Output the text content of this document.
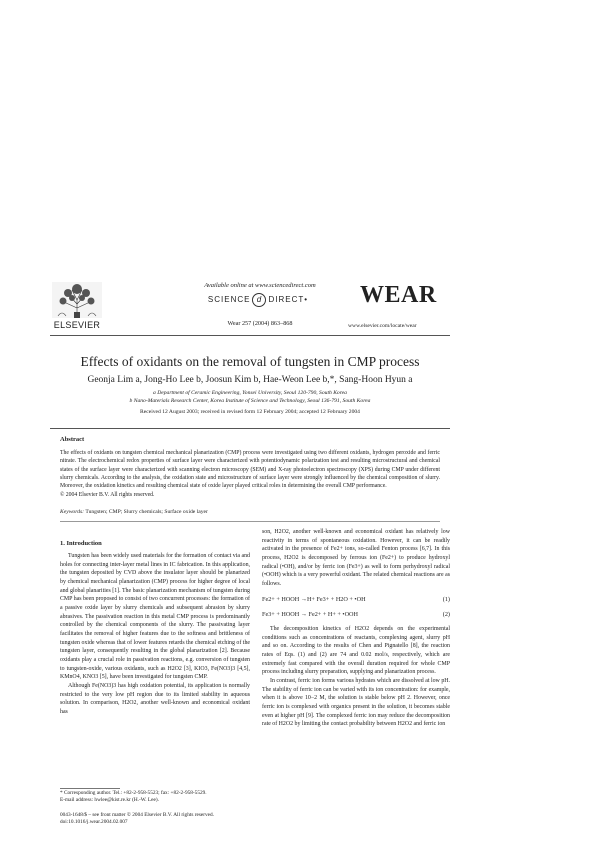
ELSEVIER
Available online at www.sciencedirect.com
SCIENCE d DIRECT•
Wear 257 (2004) 863–868
WEAR
www.elsevier.com/locate/wear
Effects of oxidants on the removal of tungsten in CMP process
Geonja Lim a, Jong-Ho Lee b, Joosun Kim b, Hae-Weon Lee b,*, Sang-Hoon Hyun a
a Department of Ceramic Engineering, Yonsei University, Seoul 120-790, South Korea
b Nano-Materials Research Center, Korea Institute of Science and Technology, Seoul 136-791, South Korea
Received 12 August 2003; received in revised form 12 February 2004; accepted 12 February 2004
Abstract
The effects of oxidants on tungsten chemical mechanical planarization (CMP) process were investigated using two different oxidants, hydrogen peroxide and ferric nitrate. The electrochemical redox properties of surface layer were characterized with potentiodynamic polarization test and resulting microstructural and chemical states of the surface layer were characterized with scanning electron microscopy (SEM) and X-ray photoelectron spectroscopy (XPS) during CMP under different slurry chemicals. According to the analysis, the oxidation state and microstructure of surface layer were strongly influenced by the chemical composition of slurry. Moreover, the oxidation kinetics and resulting chemical state of oxide layer played critical roles in determining the overall CMP performance.
© 2004 Elsevier B.V. All rights reserved.
Keywords: Tungsten; CMP; Slurry chemicals; Surface oxide layer
1. Introduction

Tungsten has been widely used materials for the formation of contact via and holes for connecting inter-layer metal lines in IC fabrication. In this application, the tungsten deposited by CVD above the insulator layer should be planarized by chemical mechanical planarization (CMP) process for higher degree of local and global planarities [1]. The basic planarization mechanism of tungsten during CMP has been proposed to consist of two concurrent processes: the formation of a passive oxide layer by slurry chemicals and subsequent abrasion by slurry abrasives. The passivation reaction in this metal CMP process is predominantly controlled by the chemical components of the slurry. The passivating layer facilitates the removal of higher features due to the softness and brittleness of tungsten oxide whereas that of lower features retards the chemical etching of the tungsten layer, consequently resulting in the global planarization [2]. Because oxidants play a crucial role in passivation reactions, e.g. conversion of tungsten to tungsten-oxide, various oxidants, such as H2O2 [3], KIO3, Fe(NO3)3 [4,5], KMnO4, KNO3 [5], have been investigated for tungsten CMP.

Although Fe(NO3)3 has high oxidation potential, its application is normally restricted to the very low pH region due to its limited stability in aqueous solution. In comparison, H2O2, another well-known and economical oxidant has

son, H2O2, another well-known and economical oxidant has relatively low reactivity in terms of spontaneous oxidation. However, it can be readily activated in the presence of Fe2+ ions, so-called Fenton process [6,7]. In this process, H2O2 is decomposed by ferrous ion (Fe2+) to produce hydroxyl radical (•OH), and/or by ferric ion (Fe3+) as well to form perhydroxyl radical (•OOH) which is a very powerful oxidant. The related chemical reactions are as follows.

Fe2+ + HOOH →H+ Fe3+ + H2O + •OH	(1)
Fe3+ + HOOH → Fe2+ + H+ + •OOH	(2)

The decomposition kinetics of H2O2 depends on the experimental conditions such as concentrations of reactants, complexing agent, slurry pH and so on. According to the results of Chen and Pignatello [8], the reaction rates of Eqs. (1) and (2) are 74 and 0.02 mol/s, respectively, which are extremely fast compared with the overall duration required for whole CMP process including slurry preparation, supplying and planarization process.

In contrast, ferric ion forms various hydrates which are dissolved at low pH. The stability of ferric ion can be varied with its ion concentration: for example, when it is above 10−2 M, the solution is stable below pH 2. However, once ferric ion is complexed with organics present in the solution, it becomes stable even at higher pH [9]. The complexed ferric ion may reduce the decomposition rate of H2O2 by limiting the contact probability between H2O2 and ferric ion

* Corresponding author. Tel.: +82-2-958-5523; fax: +82-2-958-5529.
E-mail address: hwlee@kist.re.kr (H.-W. Lee).
0043-1648/$ – see front matter © 2004 Elsevier B.V. All rights reserved.
doi:10.1016/j.wear.2004.02.007
